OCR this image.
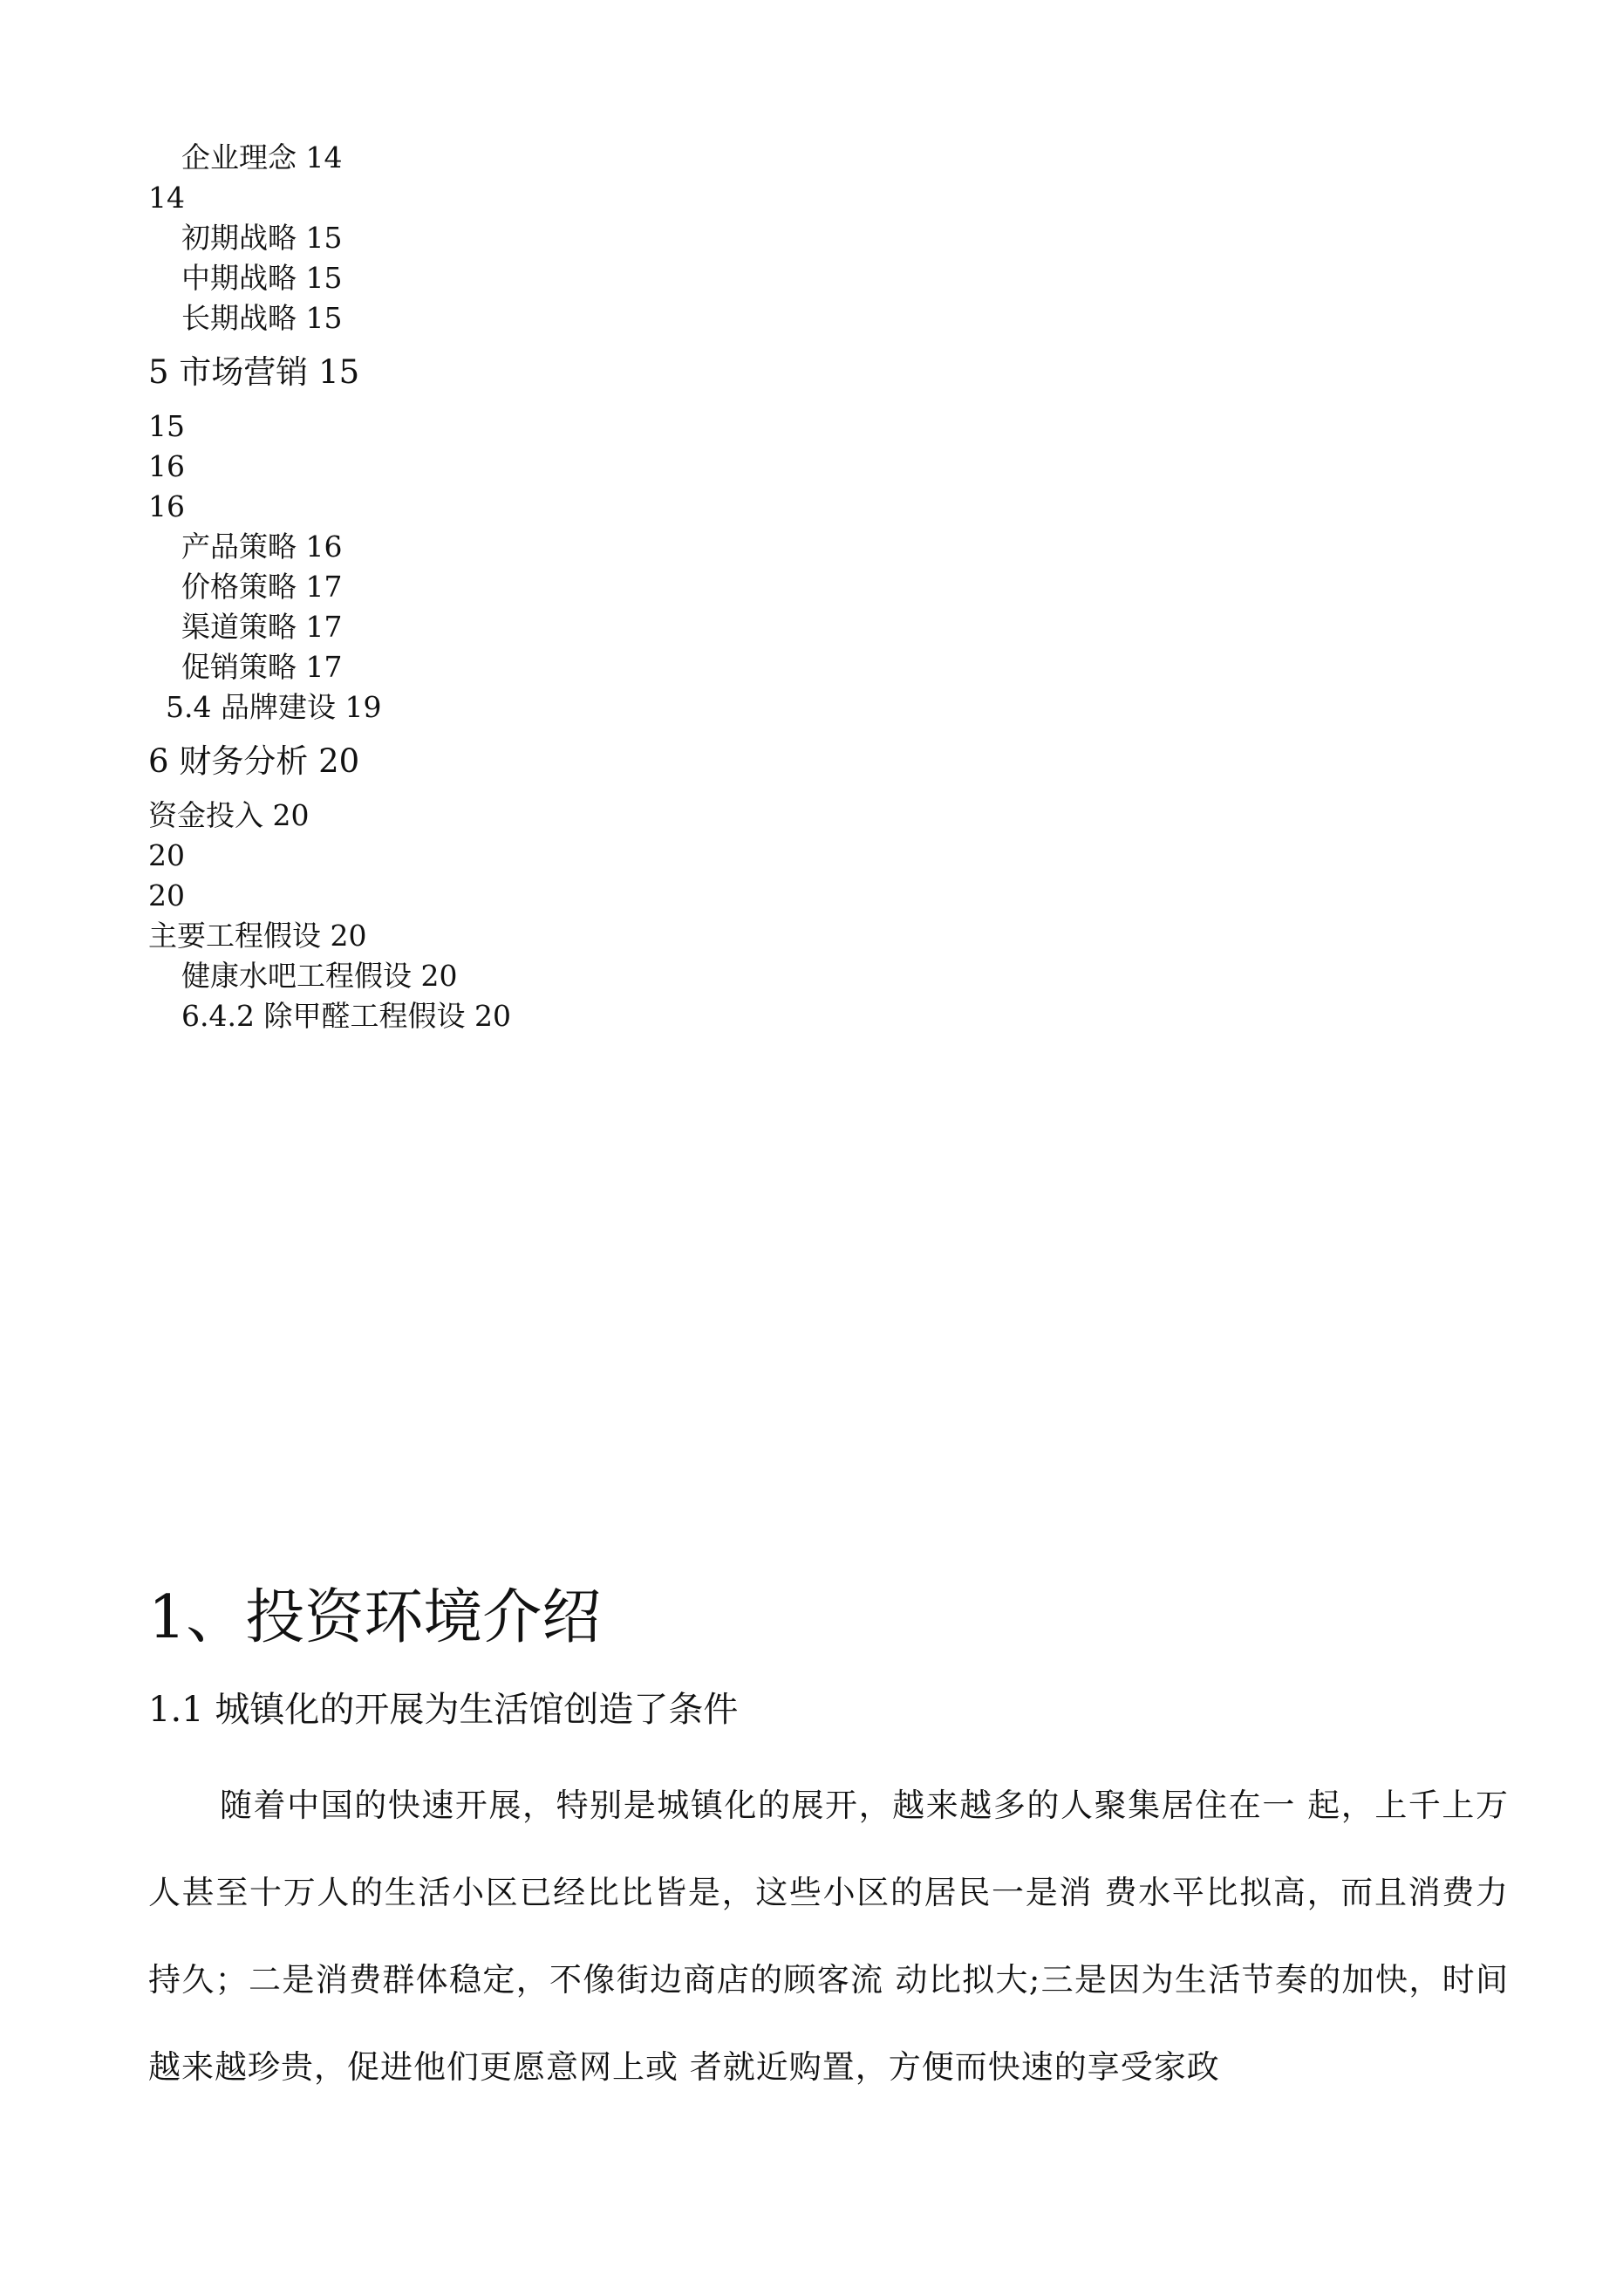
企业理念 14
14
初期战略 15
中期战略 15
长期战略 15
5 市场营销 15
15
16
16
产品策略 16
价格策略 17
渠道策略 17
促销策略 17
5.4 品牌建设 19
6 财务分析 20
资金投入 20
20
20
主要工程假设 20
健康水吧工程假设 20
6.4.2 除甲醛工程假设 20
1、投资环境介绍
1.1 城镇化的开展为生活馆创造了条件

随着中国的快速开展，特别是城镇化的展开，越来越多的人聚集居住在一 起，上千上万人甚至十万人的生活小区已经比比皆是，这些小区的居民一是消 费水平比拟高，而且消费力持久；二是消费群体稳定，不像街边商店的顾客流 动比拟大;三是因为生活节奏的加快，时间越来越珍贵，促进他们更愿意网上或 者就近购置，方便而快速的享受家政
